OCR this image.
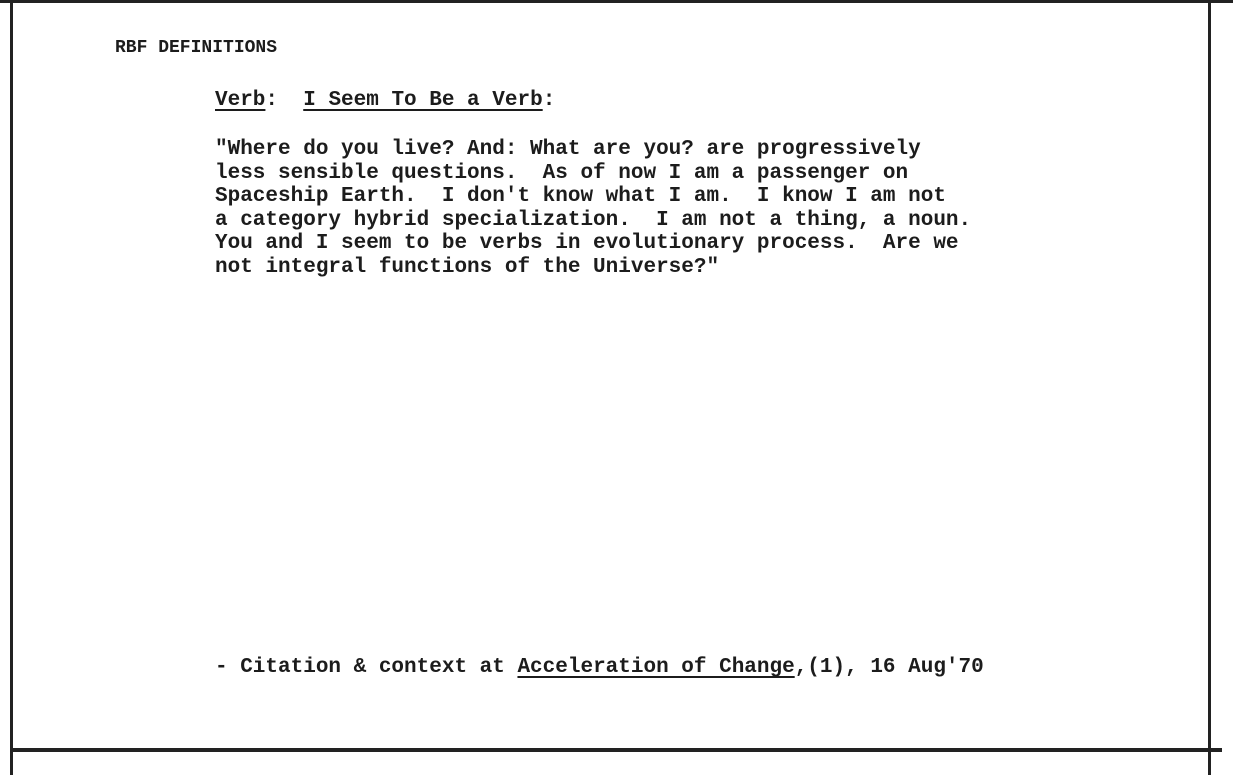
RBF DEFINITIONS
Verb:  I Seem To Be a Verb:
"Where do you live? And: What are you? are progressively
less sensible questions.  As of now I am a passenger on
Spaceship Earth.  I don't know what I am.  I know I am not
a category hybrid specialization.  I am not a thing, a noun.
You and I seem to be verbs in evolutionary process.  Are we
not integral functions of the Universe?"
- Citation & context at Acceleration of Change,(1), 16 Aug'70
